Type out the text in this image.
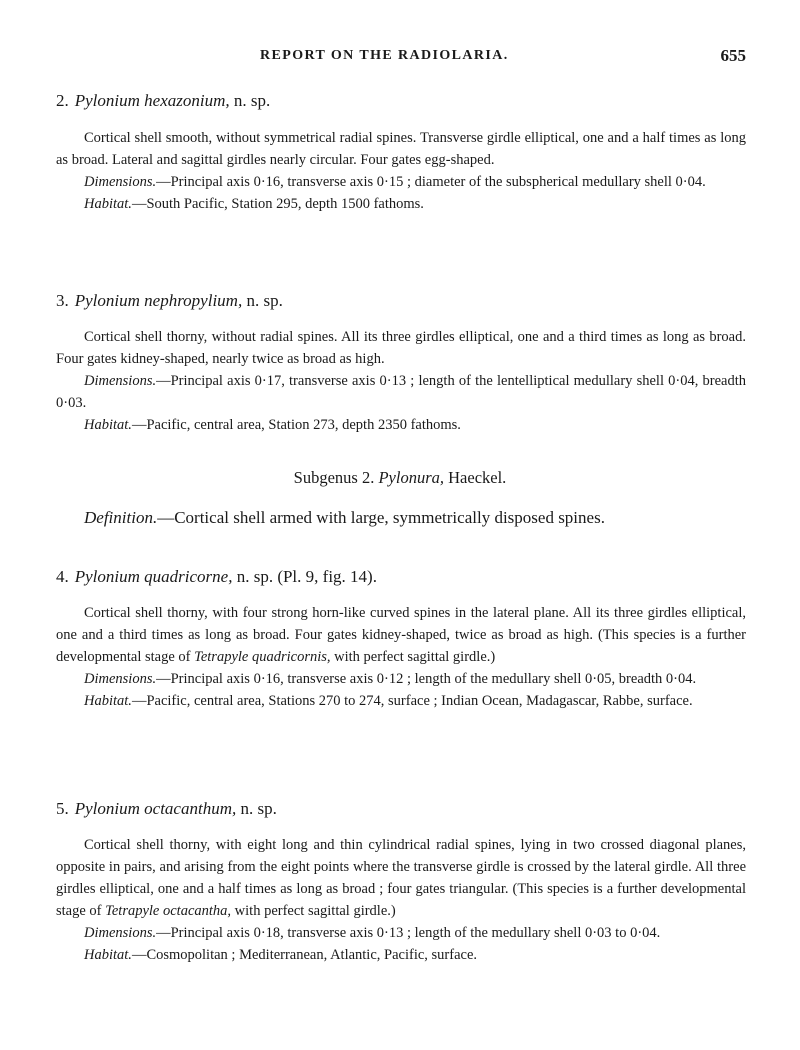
REPORT ON THE RADIOLARIA.	655
2. Pylonium hexazonium, n. sp.

Cortical shell smooth, without symmetrical radial spines. Transverse girdle elliptical, one and a half times as long as broad. Lateral and sagittal girdles nearly circular. Four gates egg-shaped.

Dimensions.—Principal axis 0·16, transverse axis 0·15 ; diameter of the subspherical medullary shell 0·04.

Habitat.—South Pacific, Station 295, depth 1500 fathoms.

3. Pylonium nephropylium, n. sp.

Cortical shell thorny, without radial spines. All its three girdles elliptical, one and a third times as long as broad. Four gates kidney-shaped, nearly twice as broad as high.

Dimensions.—Principal axis 0·17, transverse axis 0·13 ; length of the lentelliptical medullary shell 0·04, breadth 0·03.

Habitat.—Pacific, central area, Station 273, depth 2350 fathoms.

Subgenus 2. Pylonura, Haeckel.
Definition.—Cortical shell armed with large, symmetrically disposed spines.
4. Pylonium quadricorne, n. sp. (Pl. 9, fig. 14).

Cortical shell thorny, with four strong horn-like curved spines in the lateral plane. All its three girdles elliptical, one and a third times as long as broad. Four gates kidney-shaped, twice as broad as high. (This species is a further developmental stage of Tetrapyle quadricornis, with perfect sagittal girdle.)

Dimensions.—Principal axis 0·16, transverse axis 0·12 ; length of the medullary shell 0·05, breadth 0·04.

Habitat.—Pacific, central area, Stations 270 to 274, surface ; Indian Ocean, Madagascar, Rabbe, surface.

5. Pylonium octacanthum, n. sp.

Cortical shell thorny, with eight long and thin cylindrical radial spines, lying in two crossed diagonal planes, opposite in pairs, and arising from the eight points where the transverse girdle is crossed by the lateral girdle. All three girdles elliptical, one and a half times as long as broad ; four gates triangular. (This species is a further developmental stage of Tetrapyle octacantha, with perfect sagittal girdle.)

Dimensions.—Principal axis 0·18, transverse axis 0·13 ; length of the medullary shell 0·03 to 0·04.

Habitat.—Cosmopolitan ; Mediterranean, Atlantic, Pacific, surface.
